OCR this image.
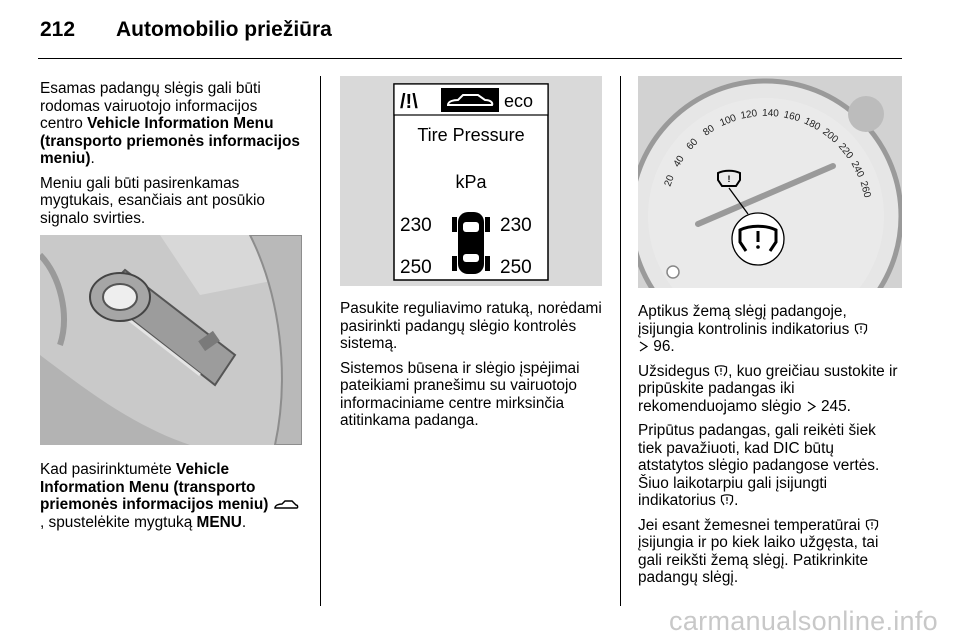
212 Automobilio priežiūra

Esamas padangų slėgis gali būti rodomas vairuotojo informacijos centro Vehicle Information Menu (transporto priemonės informacijos meniu).

Meniu gali būti pasirenkamas mygtukais, esančiais ant posūkio signalo svirties.

Kad pasirinktumėte Vehicle Information Menu (transporto priemonės informacijos meniu) , spustelėkite mygtuką MENU.

/!\	eco
Tire Pressure
kPa
230	230
250	250

Pasukite reguliavimo ratuką, norėdami pasirinkti padangų slėgio kontrolės sistemą.

Sistemos būsena ir slėgio įspėjimai pateikiami pranešimu su vairuotojo informaciniame centre mirksinčia atitinkama padanga.

20
40
60
80
100 120 140 160 180
200
220
240
260
!

Aptikus žemą slėgį padangoje, įsijungia kontrolinis indikatorius
96.

Užsidegus , kuo greičiau sustokite ir pripūskite padangas iki rekomenduojamo slėgio 245.

Pripūtus padangas, gali reikėti šiek tiek pavažiuoti, kad DIC būtų atstatytos slėgio padangose vertės. Šiuo laikotarpiu gali įsijungti indikatorius .

Jei esant žemesnei temperatūrai  įsijungia ir po kiek laiko užgęsta, tai gali reikšti žemą slėgį. Patikrinkite padangų slėgį.

carmanualsonline.info
